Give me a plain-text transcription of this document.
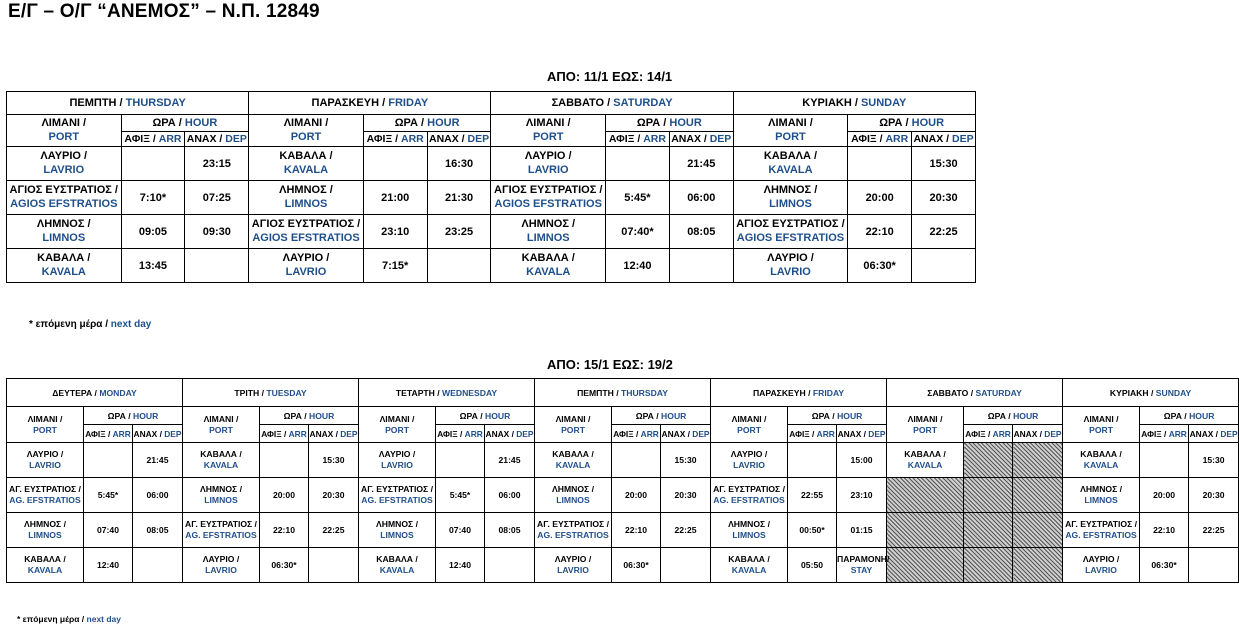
Ε/Γ – Ο/Γ “ΑΝΕΜΟΣ” – Ν.Π. 12849
ΑΠΟ: 11/1 ΕΩΣ: 14/1
ΠΕΜΠΤΗ / THURSDAY			ΠΑΡΑΣΚΕΥΗ / FRIDAY			ΣΑΒΒΑΤΟ / SATURDAY			ΚΥΡΙΑΚΗ / SUNDAY		
ΛΙΜΑΝΙ /
PORT	ΩΡΑ / HOUR		ΛΙΜΑΝΙ /
PORT	ΩΡΑ / HOUR		ΛΙΜΑΝΙ /
PORT	ΩΡΑ / HOUR		ΛΙΜΑΝΙ /
PORT	ΩΡΑ / HOUR	
	ΑΦΙΞ / ARR	ΑΝΑΧ / DEP		ΑΦΙΞ / ARR	ΑΝΑΧ / DEP		ΑΦΙΞ / ARR	ΑΝΑΧ / DEP		ΑΦΙΞ / ARR	ΑΝΑΧ / DEP
ΛΑΥΡΙΟ /
LAVRIO		23:15	ΚΑΒΑΛΑ /
KAVALA		16:30	ΛΑΥΡΙΟ /
LAVRIO		21:45	ΚΑΒΑΛΑ /
KAVALA		15:30
ΑΓΙΟΣ ΕΥΣΤΡΑΤΙΟΣ /
AGIOS EFSTRATIOS	7:10*	07:25	ΛΗΜΝΟΣ /
LIMNOS	21:00	21:30	ΑΓΙΟΣ ΕΥΣΤΡΑΤΙΟΣ /
AGIOS EFSTRATIOS	5:45*	06:00	ΛΗΜΝΟΣ /
LIMNOS	20:00	20:30
ΛΗΜΝΟΣ /
LIMNOS	09:05	09:30	ΑΓΙΟΣ ΕΥΣΤΡΑΤΙΟΣ /
AGIOS EFSTRATIOS	23:10	23:25	ΛΗΜΝΟΣ /
LIMNOS	07:40*	08:05	ΑΓΙΟΣ ΕΥΣΤΡΑΤΙΟΣ /
AGIOS EFSTRATIOS	22:10	22:25
ΚΑΒΑΛΑ /
KAVALA	13:45		ΛΑΥΡΙΟ /
LAVRIO	7:15*		ΚΑΒΑΛΑ /
KAVALA	12:40		ΛΑΥΡΙΟ /
LAVRIO	06:30*	
* επόμενη μέρα / next day
ΑΠΟ: 15/1 ΕΩΣ: 19/2
ΔΕΥΤΕΡΑ / MONDAY			ΤΡΙΤΗ / TUESDAY			ΤΕΤΑΡΤΗ / WEDNESDAY			ΠΕΜΠΤΗ / THURSDAY			ΠΑΡΑΣΚΕΥΗ / FRIDAY			ΣΑΒΒΑΤΟ / SATURDAY			ΚΥΡΙΑΚΗ / SUNDAY		
ΛΙΜΑΝΙ /
PORT	ΩΡΑ / HOUR		ΛΙΜΑΝΙ /
PORT	ΩΡΑ / HOUR		ΛΙΜΑΝΙ /
PORT	ΩΡΑ / HOUR		ΛΙΜΑΝΙ /
PORT	ΩΡΑ / HOUR		ΛΙΜΑΝΙ /
PORT	ΩΡΑ / HOUR		ΛΙΜΑΝΙ /
PORT	ΩΡΑ / HOUR		ΛΙΜΑΝΙ /
PORT	ΩΡΑ / HOUR	
	ΑΦΙΞ / ARR	ΑΝΑΧ / DEP		ΑΦΙΞ / ARR	ΑΝΑΧ / DEP		ΑΦΙΞ / ARR	ΑΝΑΧ / DEP		ΑΦΙΞ / ARR	ΑΝΑΧ / DEP		ΑΦΙΞ / ARR	ΑΝΑΧ / DEP		ΑΦΙΞ / ARR	ΑΝΑΧ / DEP		ΑΦΙΞ / ARR	ΑΝΑΧ / DEP
ΛΑΥΡΙΟ /
LAVRIO		21:45	ΚΑΒΑΛΑ /
KAVALA		15:30	ΛΑΥΡΙΟ /
LAVRIO		21:45	ΚΑΒΑΛΑ /
KAVALA		15:30	ΛΑΥΡΙΟ /
LAVRIO		15:00	ΚΑΒΑΛΑ /
KAVALA			ΚΑΒΑΛΑ /
KAVALA		15:30
ΑΓ. ΕΥΣΤΡΑΤΙΟΣ /
AG. EFSTRATIOS	5:45*	06:00	ΛΗΜΝΟΣ /
LIMNOS	20:00	20:30	ΑΓ. ΕΥΣΤΡΑΤΙΟΣ /
AG. EFSTRATIOS	5:45*	06:00	ΛΗΜΝΟΣ /
LIMNOS	20:00	20:30	ΑΓ. ΕΥΣΤΡΑΤΙΟΣ /
AG. EFSTRATIOS	22:55	23:10				ΛΗΜΝΟΣ /
LIMNOS	20:00	20:30
ΛΗΜΝΟΣ /
LIMNOS	07:40	08:05	ΑΓ. ΕΥΣΤΡΑΤΙΟΣ /
AG. EFSTRATIOS	22:10	22:25	ΛΗΜΝΟΣ /
LIMNOS	07:40	08:05	ΑΓ. ΕΥΣΤΡΑΤΙΟΣ /
AG. EFSTRATIOS	22:10	22:25	ΛΗΜΝΟΣ /
LIMNOS	00:50*	01:15				ΑΓ. ΕΥΣΤΡΑΤΙΟΣ /
AG. EFSTRATIOS	22:10	22:25
ΚΑΒΑΛΑ /
KAVALA	12:40		ΛΑΥΡΙΟ /
LAVRIO	06:30*		ΚΑΒΑΛΑ /
KAVALA	12:40		ΛΑΥΡΙΟ /
LAVRIO	06:30*		ΚΑΒΑΛΑ /
KAVALA	05:50	ΠΑΡΑΜΟΝΗ/
STAY				ΛΑΥΡΙΟ /
LAVRIO	06:30*	
* επόμενη μέρα / next day
